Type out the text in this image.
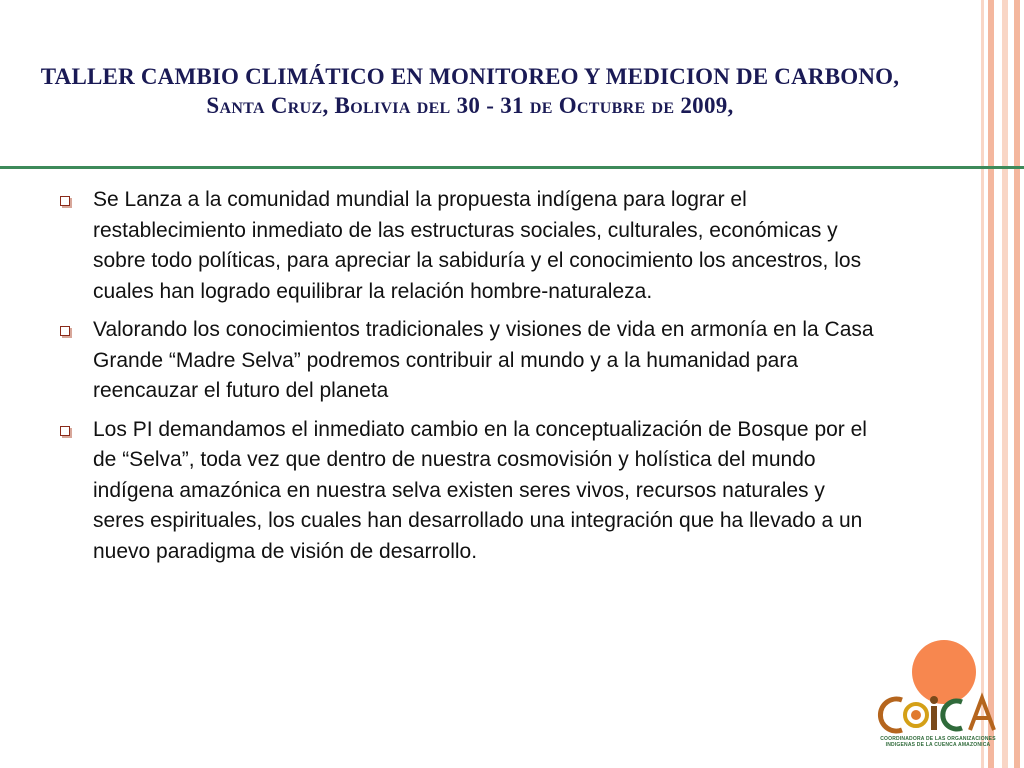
TALLER CAMBIO CLIMÁTICO EN MONITOREO Y MEDICION DE CARBONO,
Santa Cruz, Bolivia del 30 - 31 de Octubre de 2009,
Se Lanza a la comunidad mundial la propuesta indígena para lograr el restablecimiento inmediato de las estructuras sociales, culturales, económicas y sobre todo políticas, para apreciar la sabiduría y el conocimiento los ancestros, los cuales han logrado equilibrar la relación hombre-naturaleza.
Valorando los conocimientos tradicionales y visiones de vida en armonía en la Casa Grande “Madre Selva” podremos contribuir al mundo y a la humanidad para reencauzar el futuro del planeta
Los PI demandamos el inmediato cambio en la conceptualización de Bosque por el de “Selva”, toda vez que dentro de nuestra cosmovisión y holística del mundo indígena amazónica en nuestra selva existen seres vivos, recursos naturales y seres espirituales, los cuales han desarrollado una integración que ha llevado a un nuevo paradigma de visión de desarrollo.
COORDINADORA DE LAS ORGANIZACIONES
INDIGENAS DE LA CUENCA AMAZONICA
